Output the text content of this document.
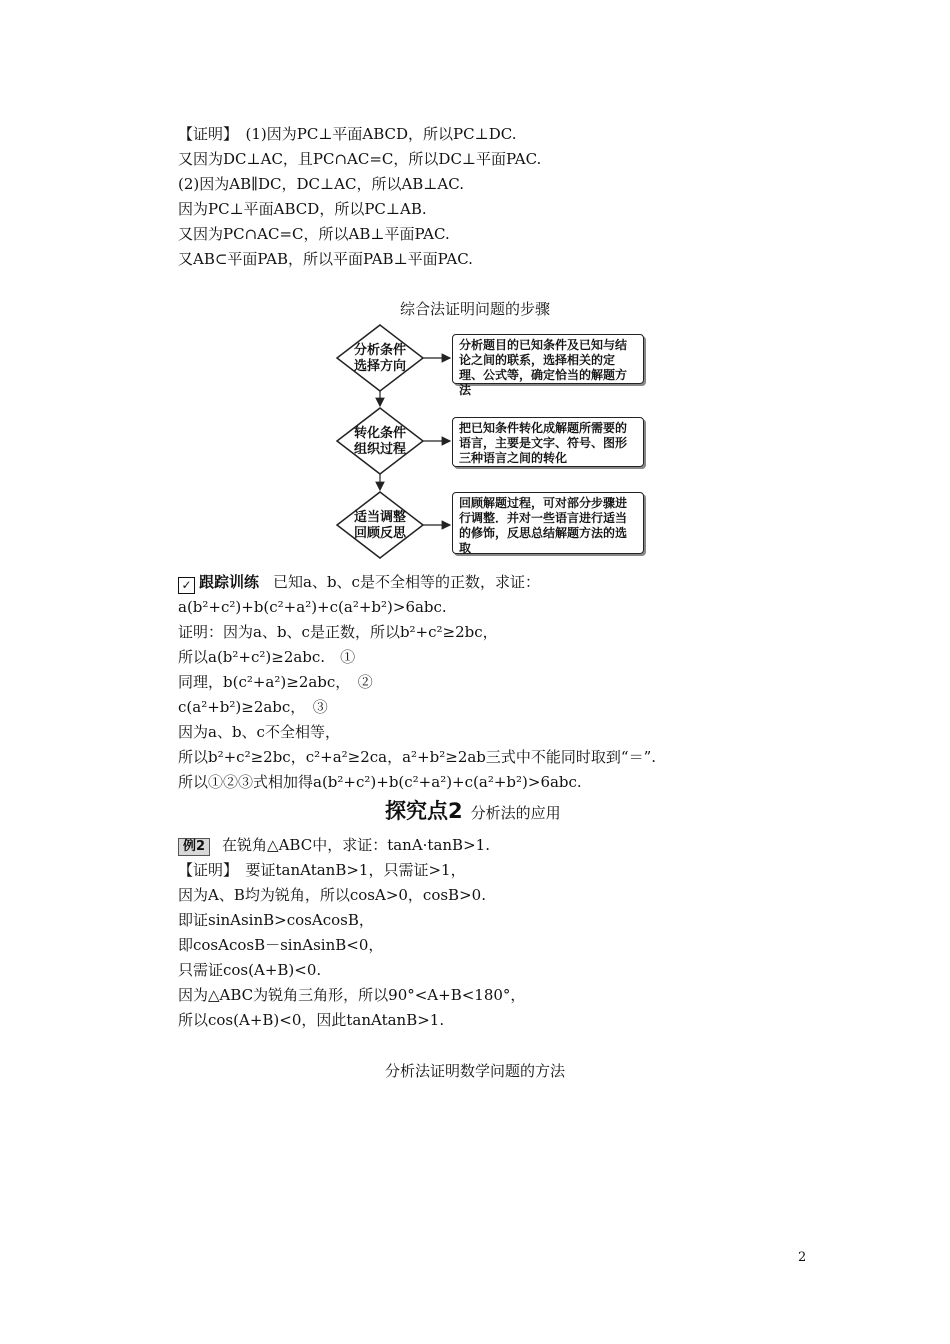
【证明】　(1)因为PC⊥平面ABCD，所以PC⊥DC.
又因为DC⊥AC，且PC∩AC=C，所以DC⊥平面PAC.
(2)因为AB∥DC，DC⊥AC，所以AB⊥AC.
因为PC⊥平面ABCD，所以PC⊥AB.
又因为PC∩AC=C，所以AB⊥平面PAC.
又AB⊂平面PAB，所以平面PAB⊥平面PAC.
综合法证明问题的步骤
分析条件
选择方向
转化条件
组织过程
适当调整
回顾反思
分析题目的已知条件及已知与结论之间的联系，选择相关的定理、公式等，确定恰当的解题方法
把已知条件转化成解题所需要的语言，主要是文字、符号、图形三种语言之间的转化
回顾解题过程，可对部分步骤进行调整．并对一些语言进行适当的修饰，反思总结解题方法的选取
✓ 跟踪训练 已知a、b、c是不全相等的正数，求证：
a(b²+c²)+b(c²+a²)+c(a²+b²)>6abc.
证明：因为a、b、c是正数，所以b²+c²≥2bc，
所以a(b²+c²)≥2abc.　①
同理，b(c²+a²)≥2abc，　②
c(a²+b²)≥2abc，　③
因为a、b、c不全相等，
所以b²+c²≥2bc，c²+a²≥2ca，a²+b²≥2ab三式中不能同时取到“＝”.
所以①②③式相加得a(b²+c²)+b(c²+a²)+c(a²+b²)>6abc.
探究点2 分析法的应用
例2 在锐角△ABC中，求证：tanA·tanB>1.
【证明】　要证tanAtanB>1，只需证>1，
因为A、B均为锐角，所以cosA>0，cosB>0.
即证sinAsinB>cosAcosB，
即cosAcosB－sinAsinB<0，
只需证cos(A+B)<0.
因为△ABC为锐角三角形，所以90°<A+B<180°，
所以cos(A+B)<0，因此tanAtanB>1.
分析法证明数学问题的方法
2
